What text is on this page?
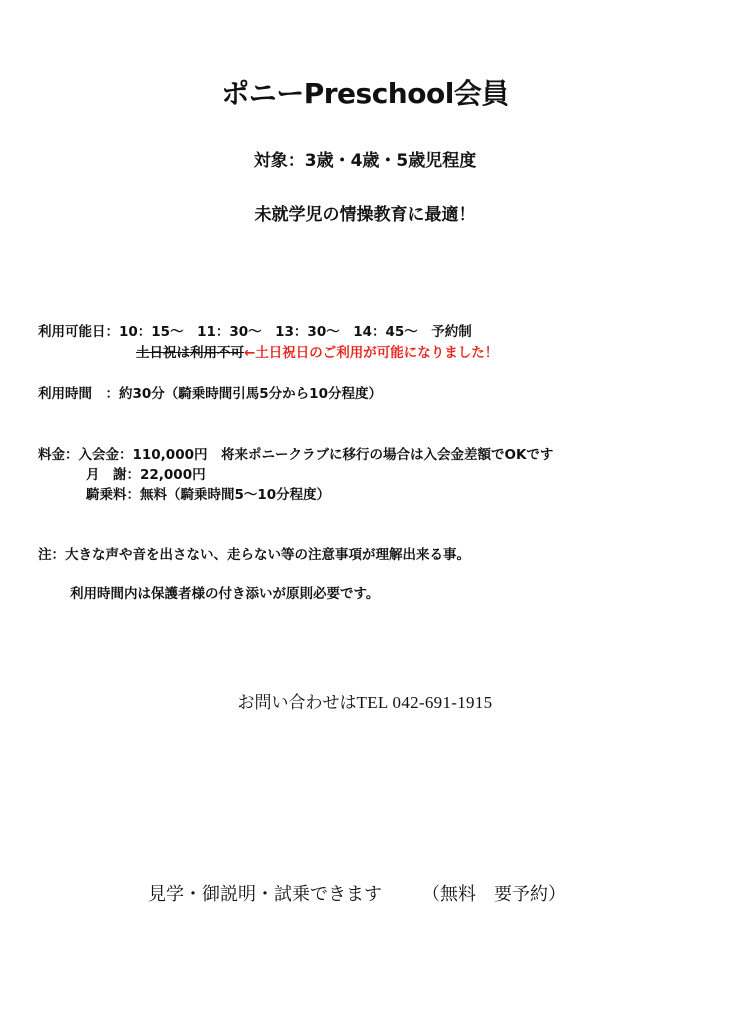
ポニーPreschool会員
対象：3歳・4歳・5歳児程度
未就学児の情操教育に最適！
利用可能日：10：15～　11：30～　13：30～　14：45～　予約制
土日祝は利用不可←土日祝日のご利用が可能になりました！
利用時間　：約30分（騎乗時間引馬5分から10分程度）
料金：入会金：110,000円　将来ポニークラブに移行の場合は入会金差額でOKです
月　謝：22,000円
騎乗料：無料（騎乗時間5～10分程度）
注：大きな声や音を出さない、走らない等の注意事項が理解出来る事。
利用時間内は保護者様の付き添いが原則必要です。
お問い合わせはTEL 042-691-1915
見学・御説明・試乗できます （無料　要予約）
